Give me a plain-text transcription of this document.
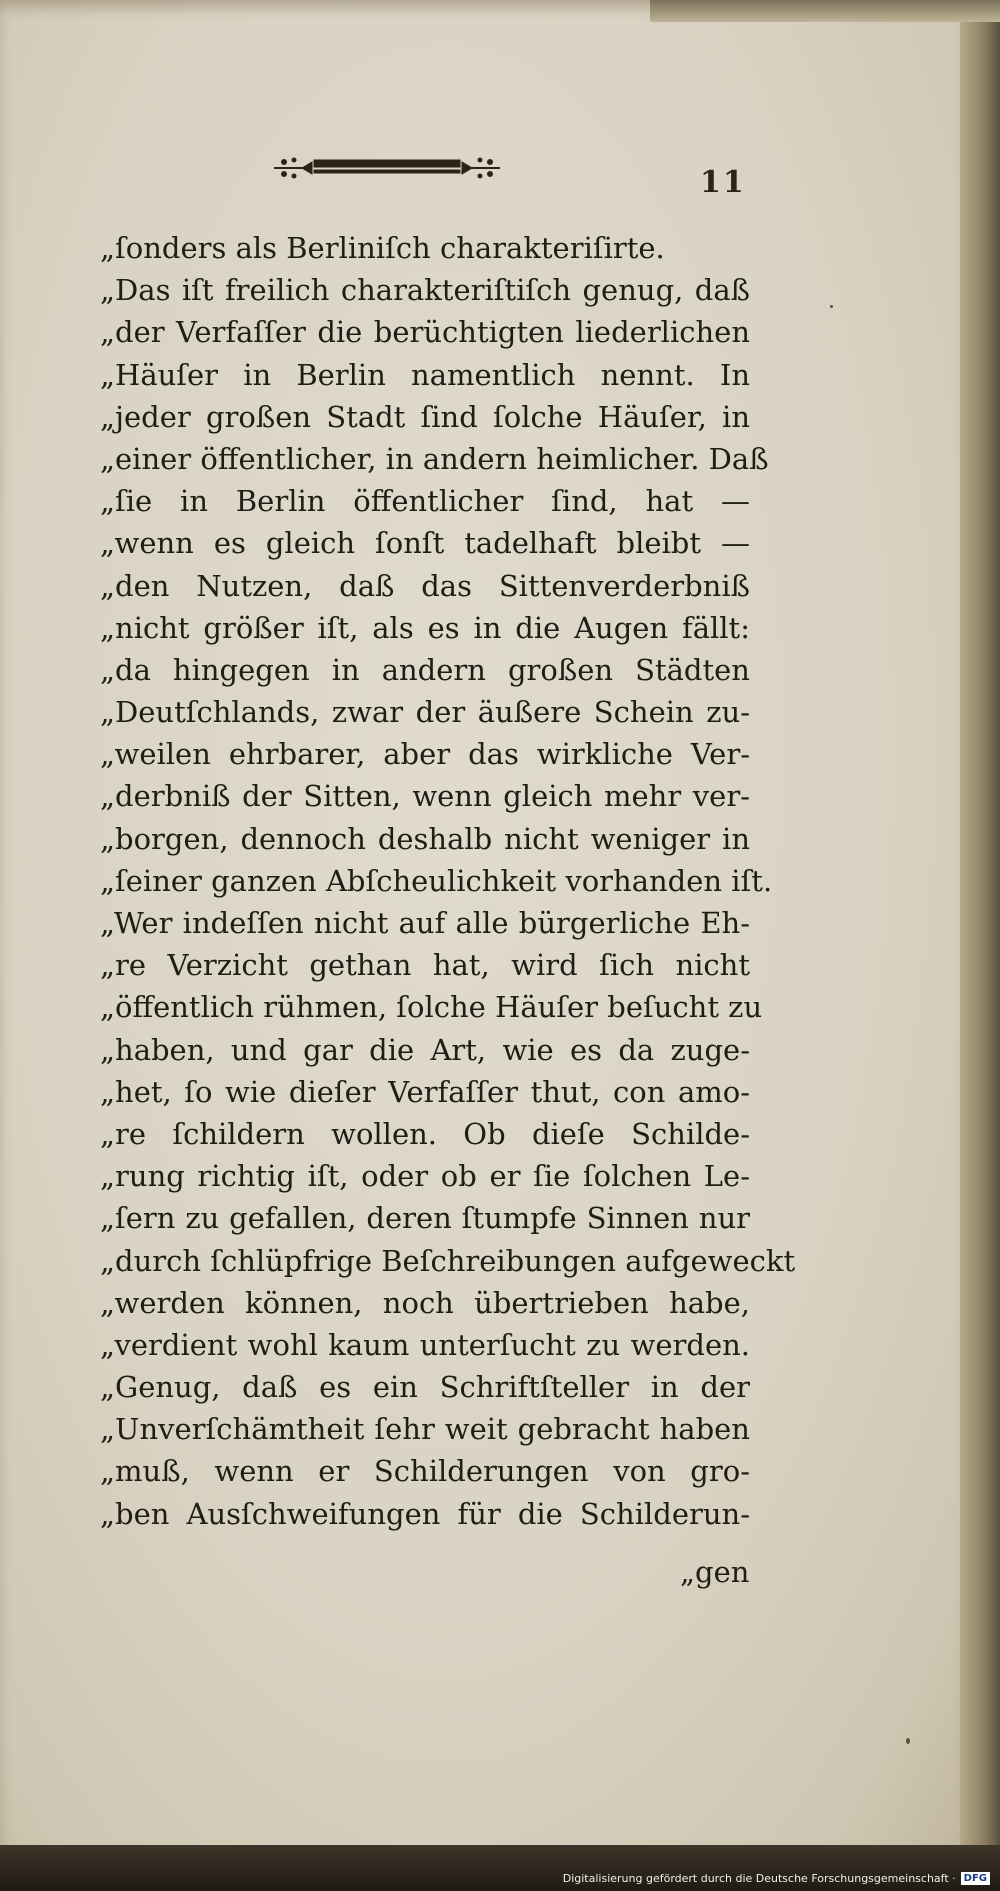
11
„ſonders als Berliniſch charakteriſirte.
„Das iſt freilich charakteriſtiſch genug, daß
„der Verfaſſer die berüchtigten liederlichen
„Häuſer in Berlin namentlich nennt. In
„jeder großen Stadt ſind ſolche Häuſer, in
„einer öffentlicher, in andern heimlicher. Daß
„ſie in Berlin öffentlicher ſind, hat —
„wenn es gleich ſonſt tadelhaft bleibt —
„den Nutzen, daß das Sittenverderbniß
„nicht größer iſt, als es in die Augen fällt:
„da hingegen in andern großen Städten
„Deutſchlands, zwar der äußere Schein zu-
„weilen ehrbarer, aber das wirkliche Ver-
„derbniß der Sitten, wenn gleich mehr ver-
„borgen, dennoch deshalb nicht weniger in
„ſeiner ganzen Abſcheulichkeit vorhanden iſt.
„Wer indeſſen nicht auf alle bürgerliche Eh-
„re Verzicht gethan hat, wird ſich nicht
„öffentlich rühmen, ſolche Häuſer beſucht zu
„haben, und gar die Art, wie es da zuge-
„het, ſo wie dieſer Verfaſſer thut, con amo-
„re ſchildern wollen. Ob dieſe Schilde-
„rung richtig iſt, oder ob er ſie ſolchen Le-
„ſern zu gefallen, deren ſtumpfe Sinnen nur
„durch ſchlüpfrige Beſchreibungen aufgeweckt
„werden können, noch übertrieben habe,
„verdient wohl kaum unterſucht zu werden.
„Genug, daß es ein Schriftſteller in der
„Unverſchämtheit ſehr weit gebracht haben
„muß, wenn er Schilderungen von gro-
„ben Ausſchweifungen für die Schilderun-
„gen
Digitalisierung gefördert durch die Deutsche Forschungsgemeinschaft · DFG
